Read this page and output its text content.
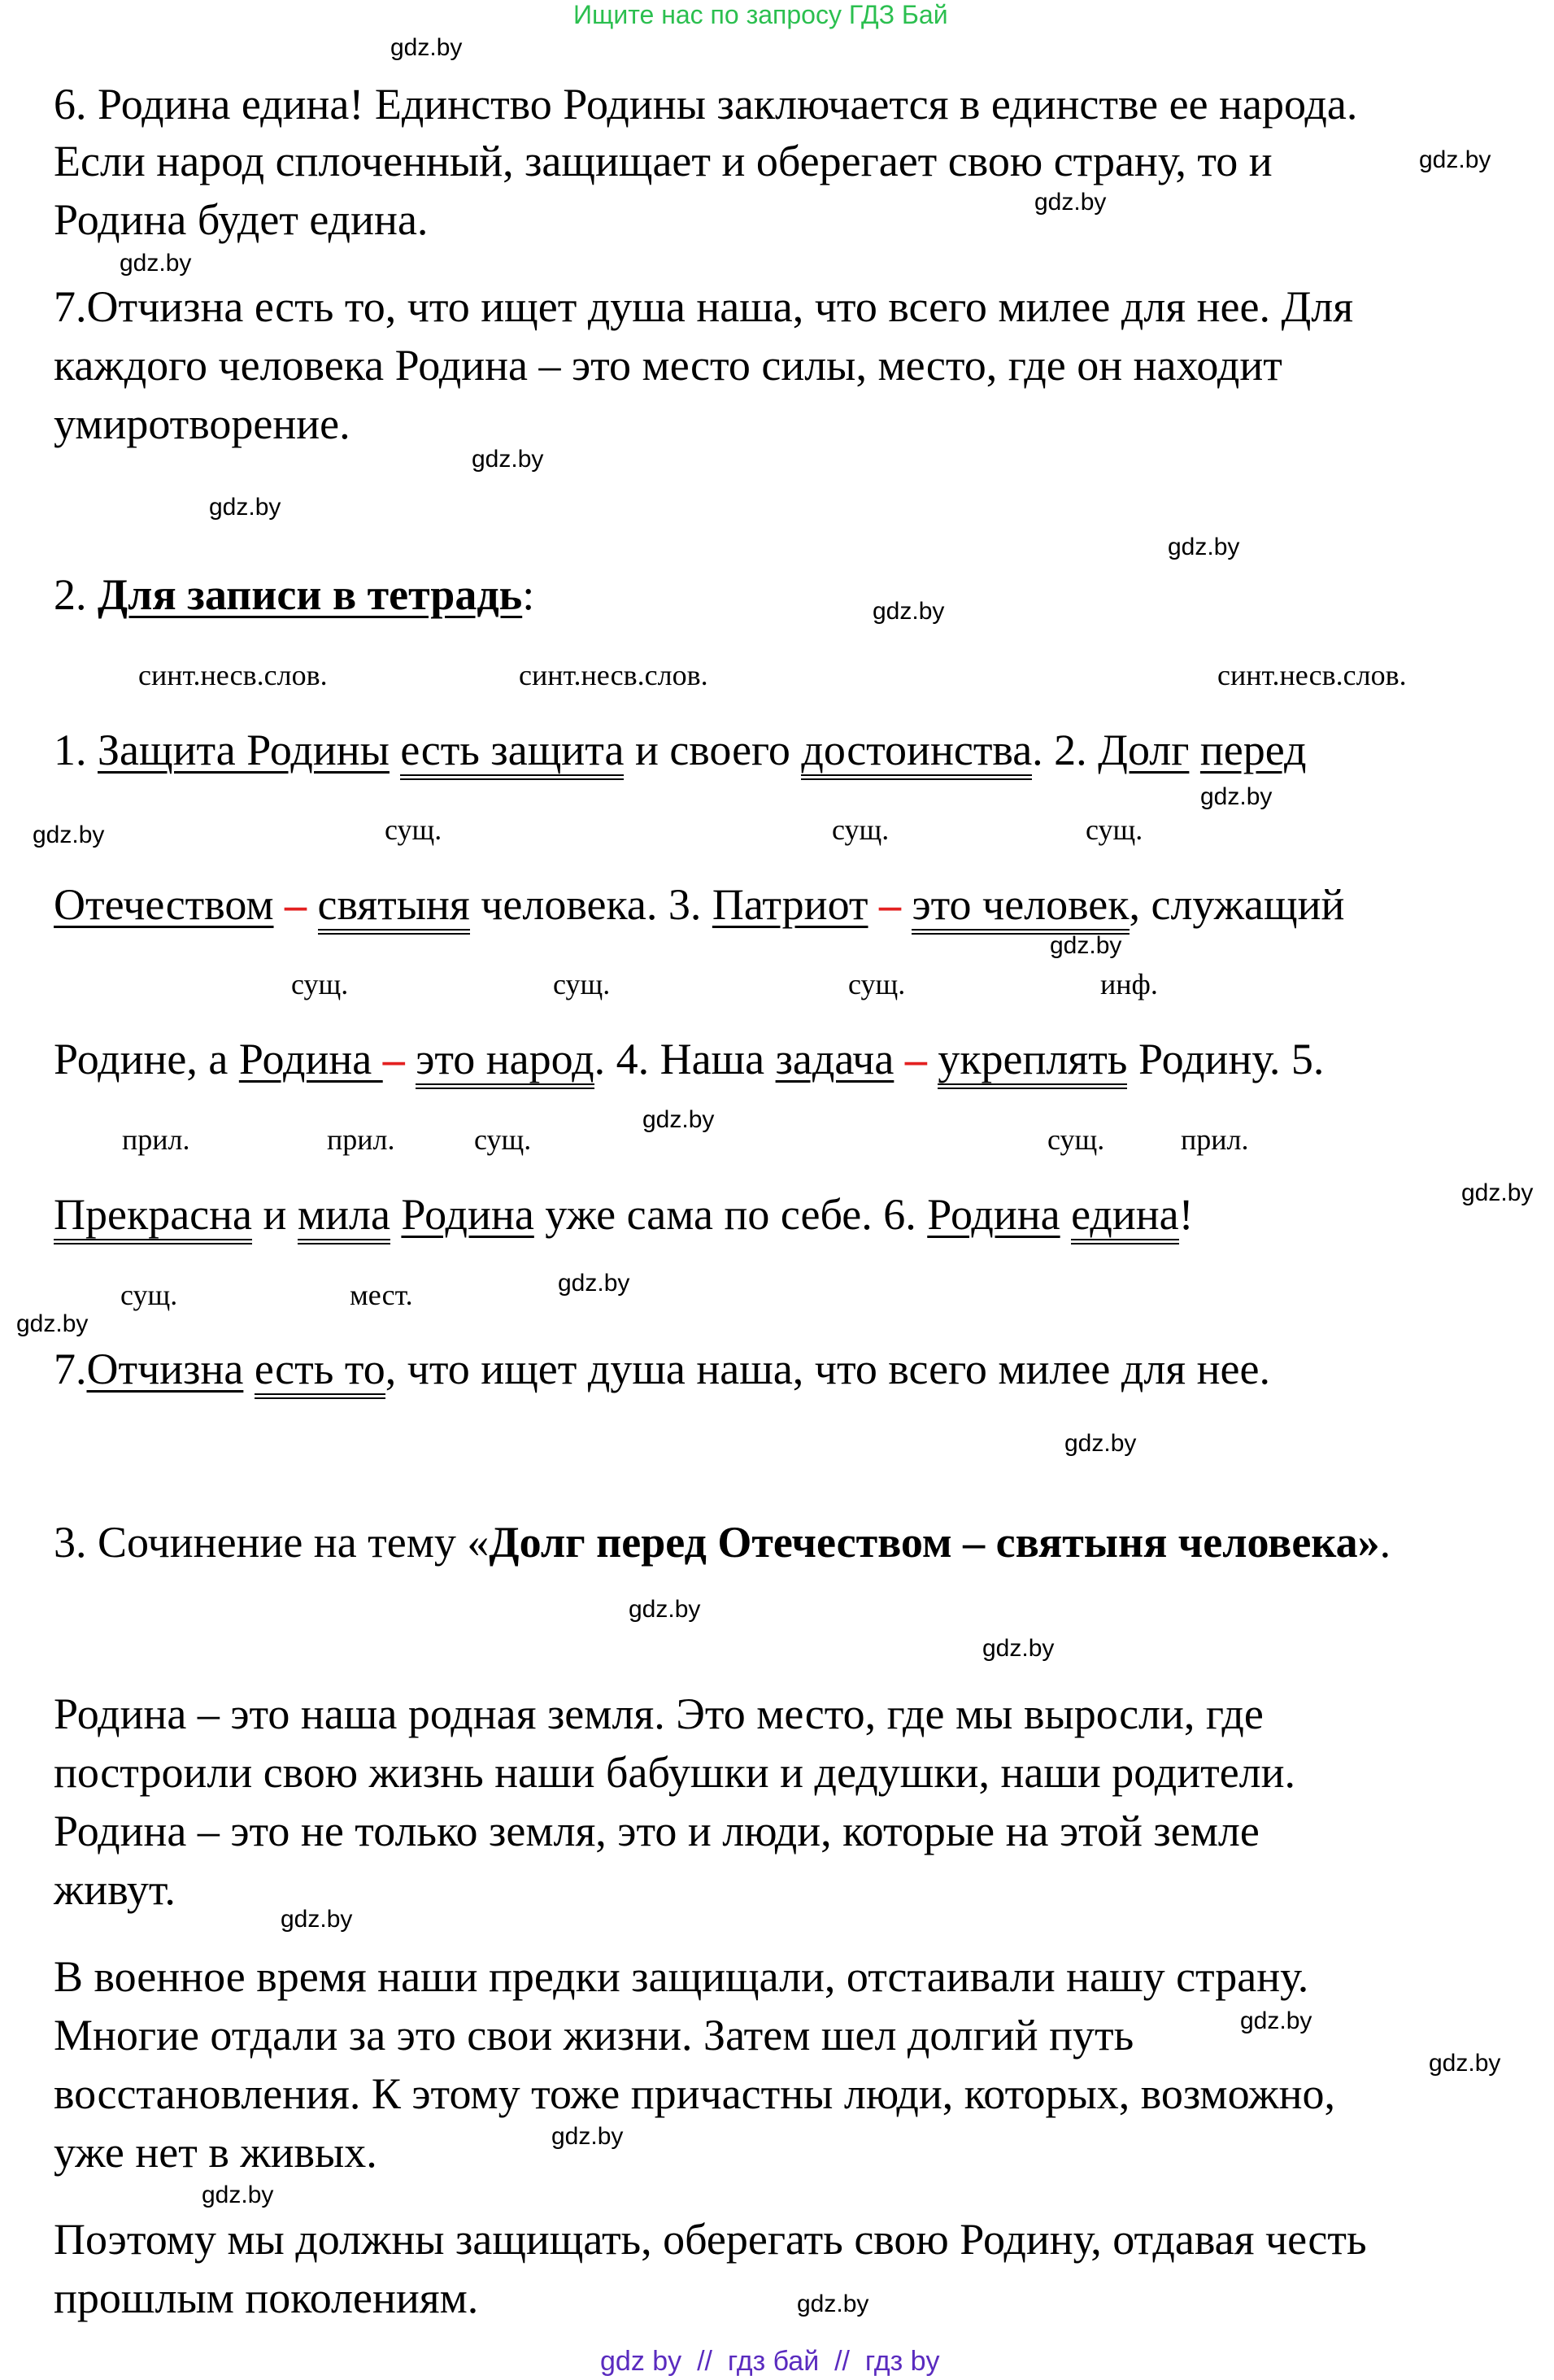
Ищите нас по запросу ГДЗ Бай
gdz.by
gdz.by
gdz.by
gdz.by
gdz.by
gdz.by
gdz.by
gdz.by
gdz.by
gdz.by
gdz.by
gdz.by
gdz.by
gdz.by
gdz.by
gdz.by
gdz.by
gdz.by
gdz.by
gdz.by
gdz.by
gdz.by
gdz.by
gdz.by
6. Родина едина! Единство Родины заключается в единстве ее народа.
Если народ сплоченный, защищает и оберегает свою страну, то и
Родина будет едина.
7.Отчизна есть то, что ищет душа наша, что всего милее для нее. Для
каждого человека Родина – это место силы, место, где он находит
умиротворение.
2. Для записи в тетрадь:
синт.несв.слов.	синт.несв.слов.	синт.несв.слов.
1. Защита Родины есть защита и своего достоинства. 2. Долг перед
сущ.	сущ.	сущ.
Отечеством – святыня человека. 3. Патриот – это человек, служащий
сущ.	сущ.	сущ.	инф.
Родине, а Родина – это народ. 4. Наша задача – укреплять Родину. 5.
прил.	прил.	сущ.	сущ.	прил.
Прекрасна и мила Родина уже сама по себе. 6. Родина едина!
сущ.	мест.
7.Отчизна есть то, что ищет душа наша, что всего милее для нее.
3. Сочинение на тему «Долг перед Отечеством – святыня человека».
Родина – это наша родная земля. Это место, где мы выросли, где
построили свою жизнь наши бабушки и дедушки, наши родители.
Родина – это не только земля, это и люди, которые на этой земле
живут.
В военное время наши предки защищали, отстаивали нашу страну.
Многие отдали за это свои жизни. Затем шел долгий путь
восстановления. К этому тоже причастны люди, которых, возможно,
уже нет в живых.
Поэтому мы должны защищать, оберегать свою Родину, отдавая честь
прошлым поколениям.
gdz by  //  гдз бай  //  гдз by
